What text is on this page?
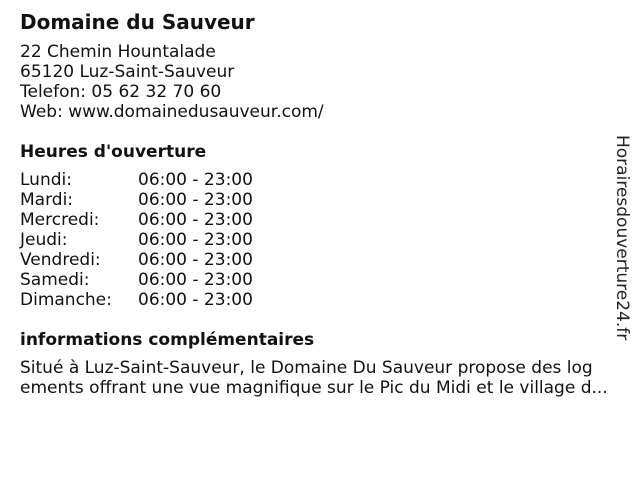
Domaine du Sauveur
22 Chemin Hountalade
65120 Luz-Saint-Sauveur
Telefon: 05 62 32 70 60
Web: www.domainedusauveur.com/
Heures d'ouverture
Lundi:	06:00 - 23:00
Mardi:	06:00 - 23:00
Mercredi:	06:00 - 23:00
Jeudi:	06:00 - 23:00
Vendredi:	06:00 - 23:00
Samedi:	06:00 - 23:00
Dimanche:	06:00 - 23:00
informations complémentaires
Situé à Luz-Saint-Sauveur, le Domaine Du Sauveur propose des log
ements offrant une vue magnifique sur le Pic du Midi et le village d...
Horairesdouverture24.fr
